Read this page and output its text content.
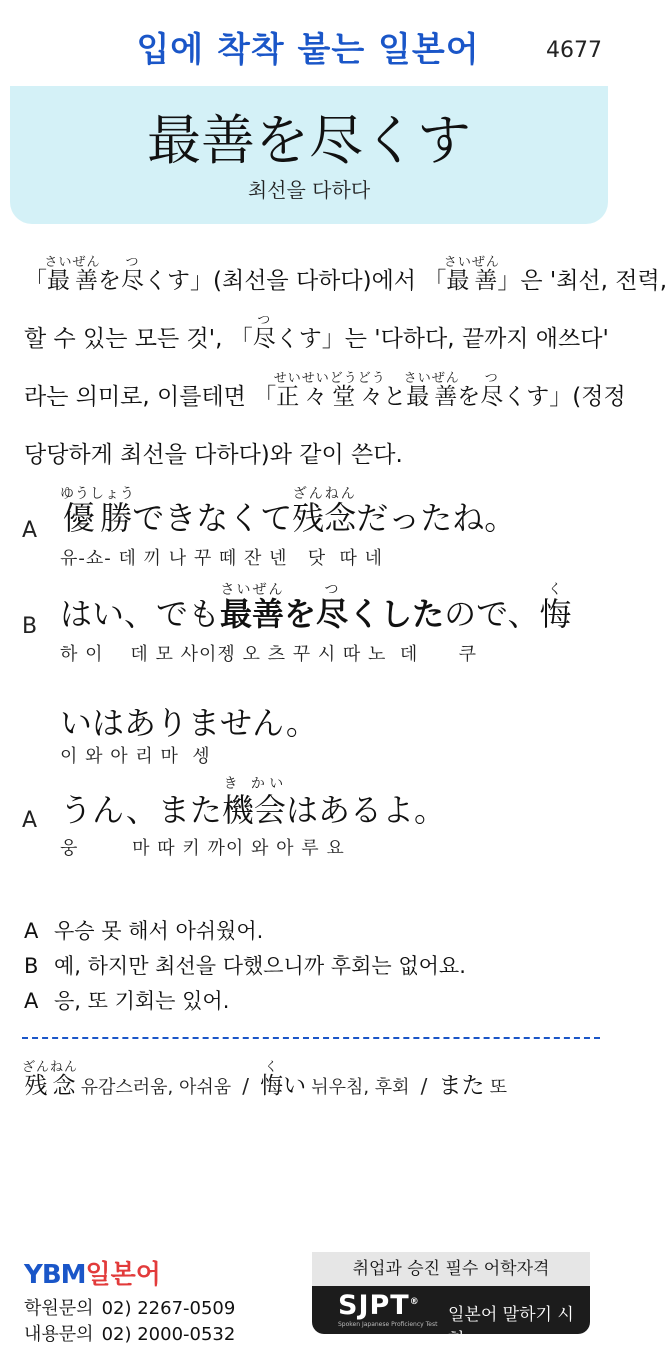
입에 착착 붙는 일본어	4677
最善を尽くす
최선을 다하다
「最善さいぜんを尽つくす」(최선을 다하다)에서 「最善さいぜん」은 '최선, 전력,
할 수 있는 모든 것', 「尽つくす」는 '다하다, 끝까지 애쓰다'
라는 의미로, 이를테면 「正々堂々せいせいどうどうと最善さいぜんを尽つくす」(정정
당당하게 최선을 다하다)와 같이 쓴다.
A 優勝ゆうしょうできなくて残念ざんねんだったね。
유-쇼- 데 끼 나 꾸 떼 잔 넨   닷  따 네
B はい、でも最善さいぜんを尽つくしたので、悔く
하 이    데 모 사이젱 오 츠 꾸 시 따 노  데      쿠
いはありません。
이 와 아 리 마  셍
A うん、また機会き かいはあるよ。
웅        마 따 키 까이 와 아 루 요
A 우승 못 해서 아쉬웠어.
B 예, 하지만 최선을 다했으니까 후회는 없어요.
A 응, 또 기회는 있어.
残念ざんねん 유감스러움, 아쉬움 / 悔くい 뉘우침, 후회 / また 또
YBM일본어
학원문의 02) 2267-0509
내용문의 02) 2000-0532
취업과 승진 필수 어학자격
SJPT®
Spoken Japanese Proficiency Test 일본어 말하기 시험
